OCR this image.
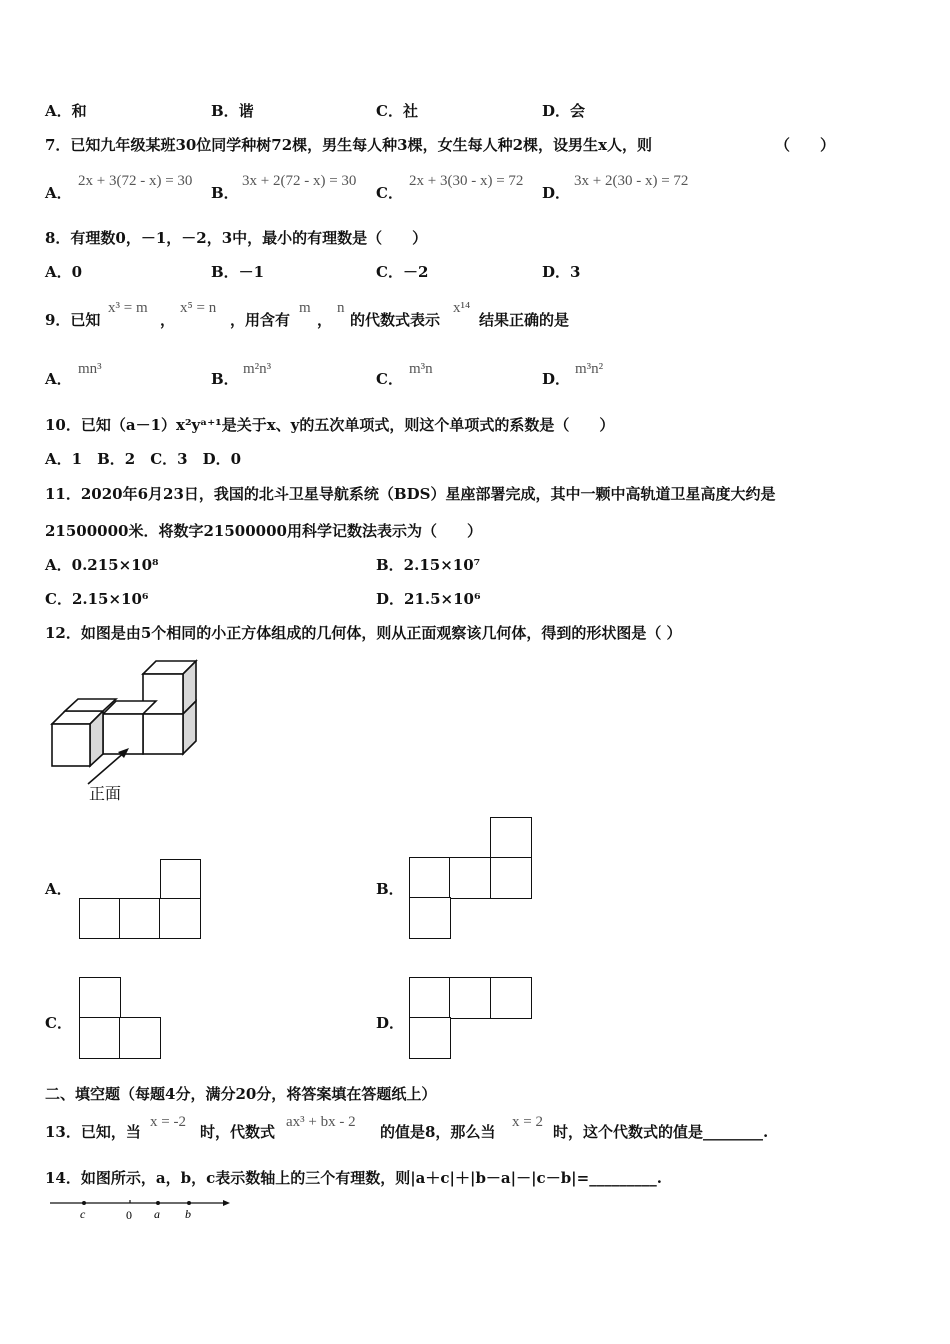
A．和	B．谐	C．社	D．会
7．已知九年级某班30位同学种树72棵，男生每人种3棵，女生每人种2棵，设男生x人，则	（　　）
A．
2x + 3(72 - x) = 30
B．
3x + 2(72 - x) = 30
C．
2x + 3(30 - x) = 72
D．
3x + 2(30 - x) = 72
8．有理数0，－1，－2，3中，最小的有理数是（　　）
A．0	B．－1	C．－2	D．3
9．已知
x³ = m
，
x⁵ = n
，用含有
m
，
n
的代数式表示
x¹⁴
结果正确的是
A．
mn³
B．
m²n³
C．
m³n
D．
m³n²
10．已知（a－1）x²yᵃ⁺¹是关于x、y的五次单项式，则这个单项式的系数是（　　）
A．1　B．2　C．3　D．0
11．2020年6月23日，我国的北斗卫星导航系统（BDS）星座部署完成，其中一颗中高轨道卫星高度大约是
21500000米．将数字21500000用科学记数法表示为（　　）
A．0.215×10⁸	B．2.15×10⁷
C．2.15×10⁶	D．21.5×10⁶
12．如图是由5个相同的小正方体组成的几何体，则从正面观察该几何体，得到的形状图是（ ）
正面
A．	B．
C．	D．
二、填空题（每题4分，满分20分，将答案填在答题纸上）
13．已知，当
x = -2
时，代数式
ax³ + bx - 2
的值是8，那么当
x = 2
时，这个代数式的值是________.
14．如图所示，a，b，c表示数轴上的三个有理数，则|a＋c|＋|b－a|－|c－b|=_________.
c	0 a b
